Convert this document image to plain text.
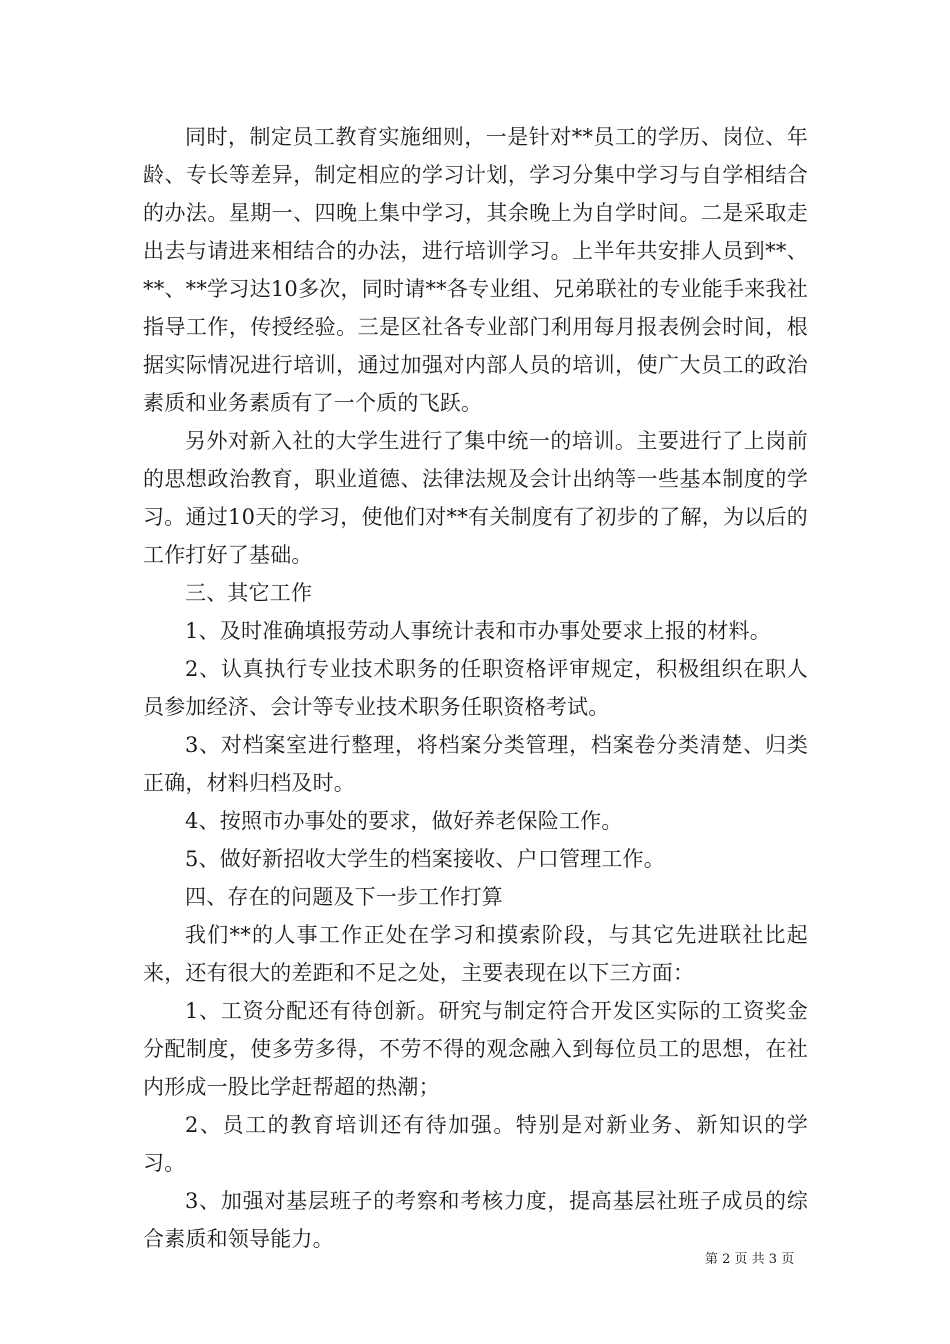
同时，制定员工教育实施细则，一是针对**员工的学历、岗位、年龄、专长等差异，制定相应的学习计划，学习分集中学习与自学相结合的办法。星期一、四晚上集中学习，其余晚上为自学时间。二是采取走出去与请进来相结合的办法，进行培训学习。上半年共安排人员到**、**、**学习达10多次，同时请**各专业组、兄弟联社的专业能手来我社指导工作，传授经验。三是区社各专业部门利用每月报表例会时间，根据实际情况进行培训，通过加强对内部人员的培训，使广大员工的政治素质和业务素质有了一个质的飞跃。

另外对新入社的大学生进行了集中统一的培训。主要进行了上岗前的思想政治教育，职业道德、法律法规及会计出纳等一些基本制度的学习。通过10天的学习，使他们对**有关制度有了初步的了解，为以后的工作打好了基础。

三、其它工作

1、及时准确填报劳动人事统计表和市办事处要求上报的材料。

2、认真执行专业技术职务的任职资格评审规定，积极组织在职人员参加经济、会计等专业技术职务任职资格考试。

3、对档案室进行整理，将档案分类管理，档案卷分类清楚、归类正确，材料归档及时。

4、按照市办事处的要求，做好养老保险工作。

5、做好新招收大学生的档案接收、户口管理工作。

四、存在的问题及下一步工作打算

我们**的人事工作正处在学习和摸索阶段，与其它先进联社比起来，还有很大的差距和不足之处，主要表现在以下三方面：

1、工资分配还有待创新。研究与制定符合开发区实际的工资奖金分配制度，使多劳多得，不劳不得的观念融入到每位员工的思想，在社内形成一股比学赶帮超的热潮；

2、员工的教育培训还有待加强。特别是对新业务、新知识的学习。

3、加强对基层班子的考察和考核力度，提高基层社班子成员的综合素质和领导能力。

第 2 页 共 3 页
